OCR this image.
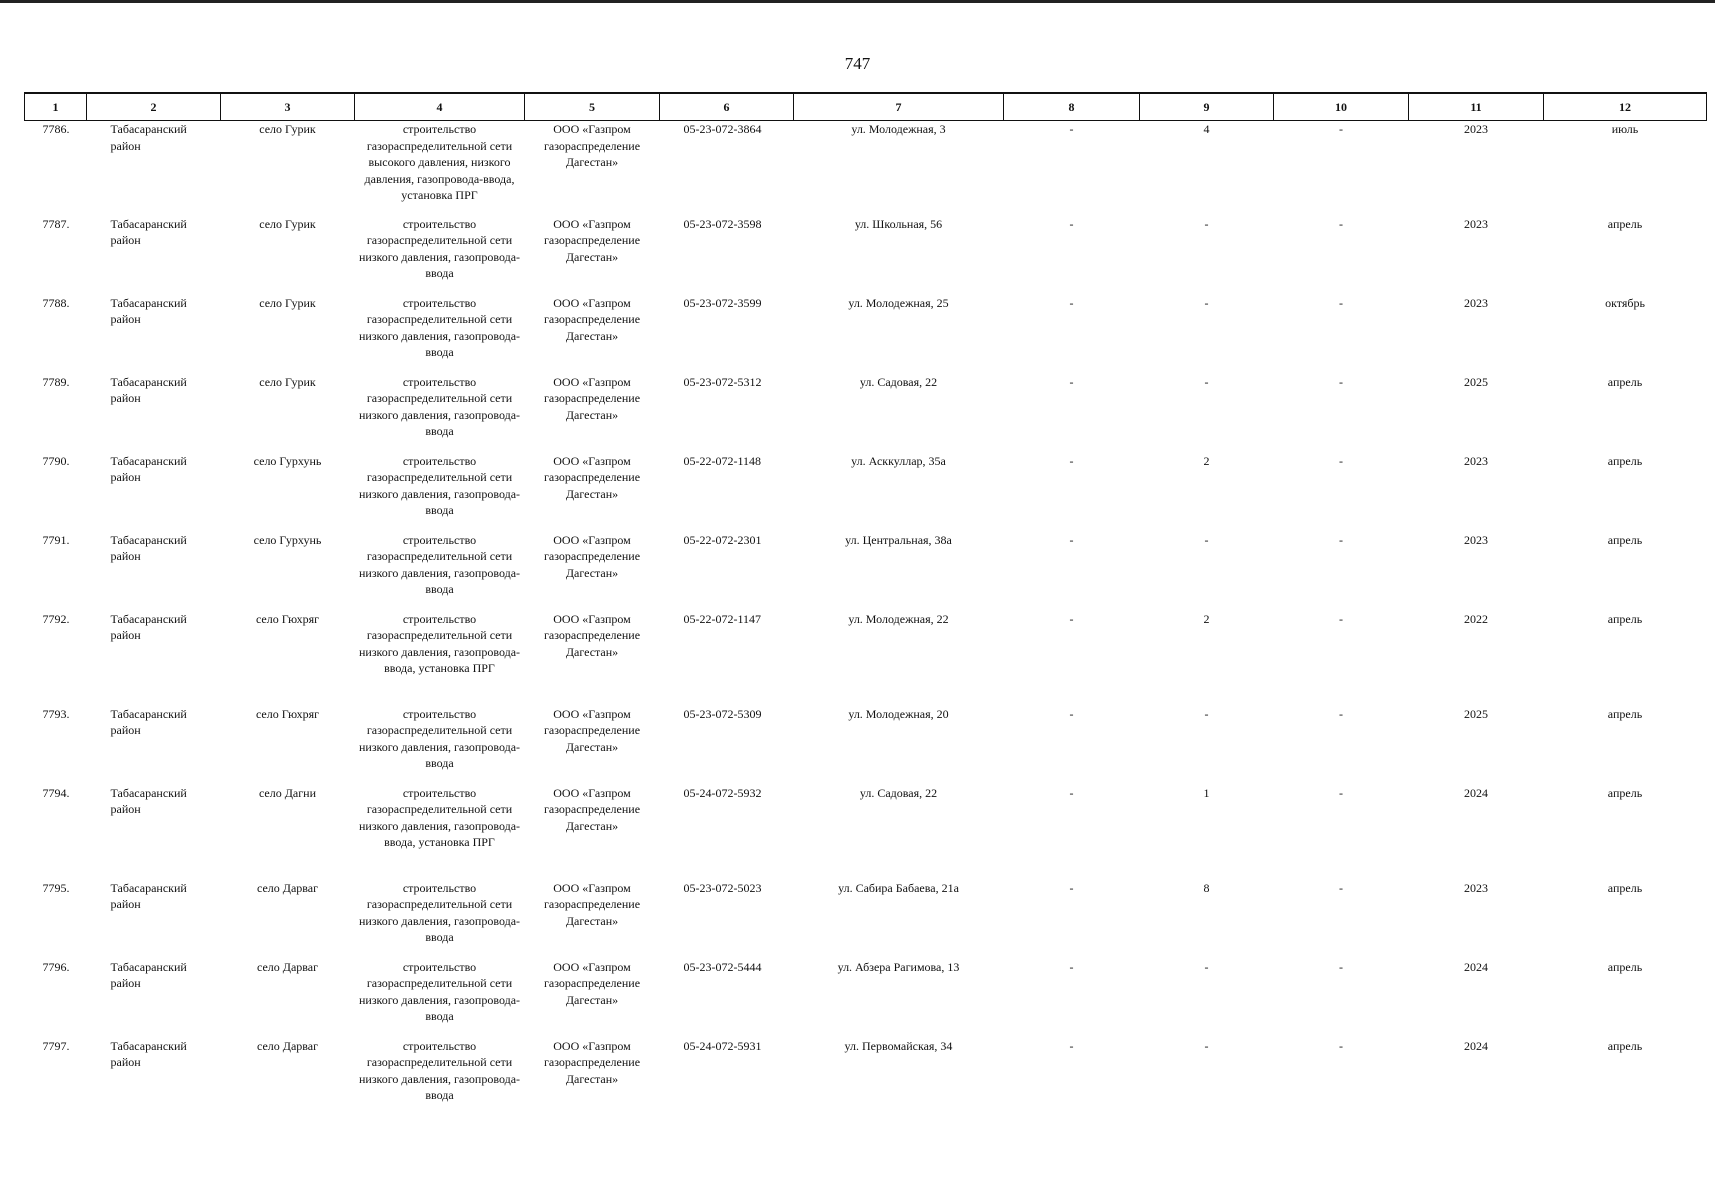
747
1	2	3	4	5	6	7	8	9	10	11	12
7786.	Табасаранский район	село Гурик	строительство газораспределительной сети высокого давления, низкого давления, газопровода-ввода, установка ПРГ	ООО «Газпром газораспределение Дагестан»	05-23-072-3864	ул. Молодежная, 3	-	4	-	2023	июль
7787.	Табасаранский район	село Гурик	строительство газораспределительной сети низкого давления, газопровода-ввода	ООО «Газпром газораспределение Дагестан»	05-23-072-3598	ул. Школьная, 56	-	-	-	2023	апрель
7788.	Табасаранский район	село Гурик	строительство газораспределительной сети низкого давления, газопровода-ввода	ООО «Газпром газораспределение Дагестан»	05-23-072-3599	ул. Молодежная, 25	-	-	-	2023	октябрь
7789.	Табасаранский район	село Гурик	строительство газораспределительной сети низкого давления, газопровода-ввода	ООО «Газпром газораспределение Дагестан»	05-23-072-5312	ул. Садовая, 22	-	-	-	2025	апрель
7790.	Табасаранский район	село Гурхунь	строительство газораспределительной сети низкого давления, газопровода-ввода	ООО «Газпром газораспределение Дагестан»	05-22-072-1148	ул. Асккуллар, 35а	-	2	-	2023	апрель
7791.	Табасаранский район	село Гурхунь	строительство газораспределительной сети низкого давления, газопровода-ввода	ООО «Газпром газораспределение Дагестан»	05-22-072-2301	ул. Центральная, 38а	-	-	-	2023	апрель
7792.	Табасаранский район	село Гюхряг	строительство газораспределительной сети низкого давления, газопровода-ввода, установка ПРГ	ООО «Газпром газораспределение Дагестан»	05-22-072-1147	ул. Молодежная, 22	-	2	-	2022	апрель
7793.	Табасаранский район	село Гюхряг	строительство газораспределительной сети низкого давления, газопровода-ввода	ООО «Газпром газораспределение Дагестан»	05-23-072-5309	ул. Молодежная, 20	-	-	-	2025	апрель
7794.	Табасаранский район	село Дагни	строительство газораспределительной сети низкого давления, газопровода-ввода, установка ПРГ	ООО «Газпром газораспределение Дагестан»	05-24-072-5932	ул. Садовая, 22	-	1	-	2024	апрель
7795.	Табасаранский район	село Дарваг	строительство газораспределительной сети низкого давления, газопровода-ввода	ООО «Газпром газораспределение Дагестан»	05-23-072-5023	ул. Сабира Бабаева, 21а	-	8	-	2023	апрель
7796.	Табасаранский район	село Дарваг	строительство газораспределительной сети низкого давления, газопровода-ввода	ООО «Газпром газораспределение Дагестан»	05-23-072-5444	ул. Абзера Рагимова, 13	-	-	-	2024	апрель
7797.	Табасаранский район	село Дарваг	строительство газораспределительной сети низкого давления, газопровода-ввода	ООО «Газпром газораспределение Дагестан»	05-24-072-5931	ул. Первомайская, 34	-	-	-	2024	апрель
